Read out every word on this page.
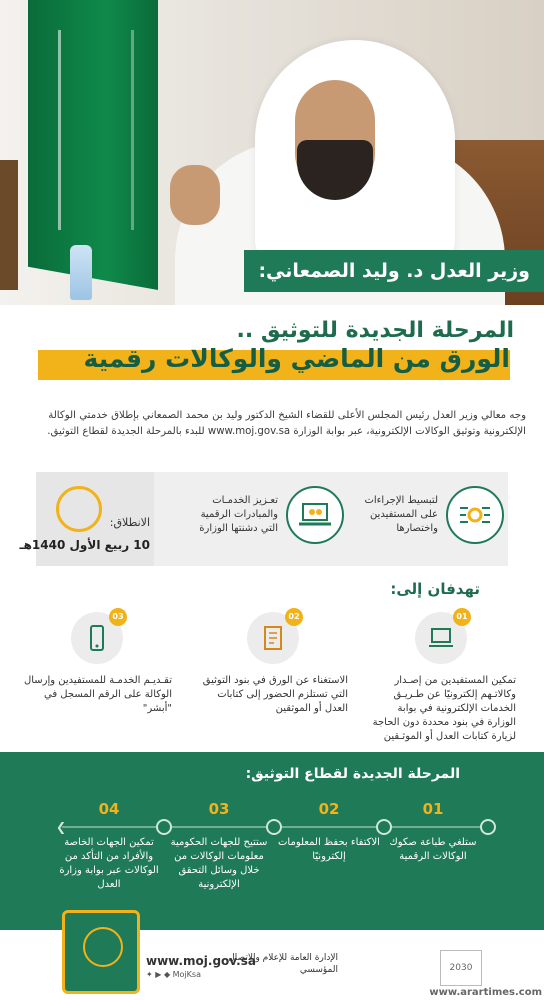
وزير العدل د. وليد الصمعاني:
المرحلة الجديدة للتوثيق ..
الورق من الماضي والوكالات رقمية
وجه معالي وزير العدل رئيس المجلس الأعلى للقضاء الشيخ الدكتور وليد بن محمد الصمعاني بإطلاق خدمتي الوكالة الإلكترونية وتوثيق الوكالات الإلكترونية، عبر بوابة الوزارة www.moj.gov.sa للبدء بالمرحلة الجديدة لقطاع التوثيق.
لتبسيط الإجراءات على المستفيدين واختصارها
تعـزيز الخدمـات والمبادرات الرقمية التي دشنتها الوزارة
الانطلاق:
10 ربيع الأول 1440هـ
تهدفان إلى:
01
تمكين المستفيدين من إصـدار وكالاتـهم إلكترونيًا عن طـريـق الخدمات الإلكترونية في بوابة الوزارة في بنود محددة دون الحاجة لزيارة كتابات العدل أو الموثـقين
02
الاستغناء عن الورق في بنود التوثيق التي تستلزم الحضور إلى كتابات العدل أو الموثقين
03
تقـديـم الخدمـة للمستفيدين وإرسال الوكالة على الرقم المسجل في "أبشر"
المرحلة الجديدة لقطاع التوثيق:
❮
01
ستلغي طباعة صكوك الوكالات الرقمية
02
الاكتفاء بحفظ المعلومات إلكترونيًا
03
ستتيح للجهات الحكومية معلومات الوكالات من خلال وسائل التحقق الإلكترونية
04
تمكين الجهات الخاصة والأفراد من التأكد من الوكالات عبر بوابة وزارة العدل
www.moj.gov.sa
✦ ▶ ◆ MojKsa
الإدارة العامة للإعلام والاتصال المؤسسي	2030
www.arartimes.com
